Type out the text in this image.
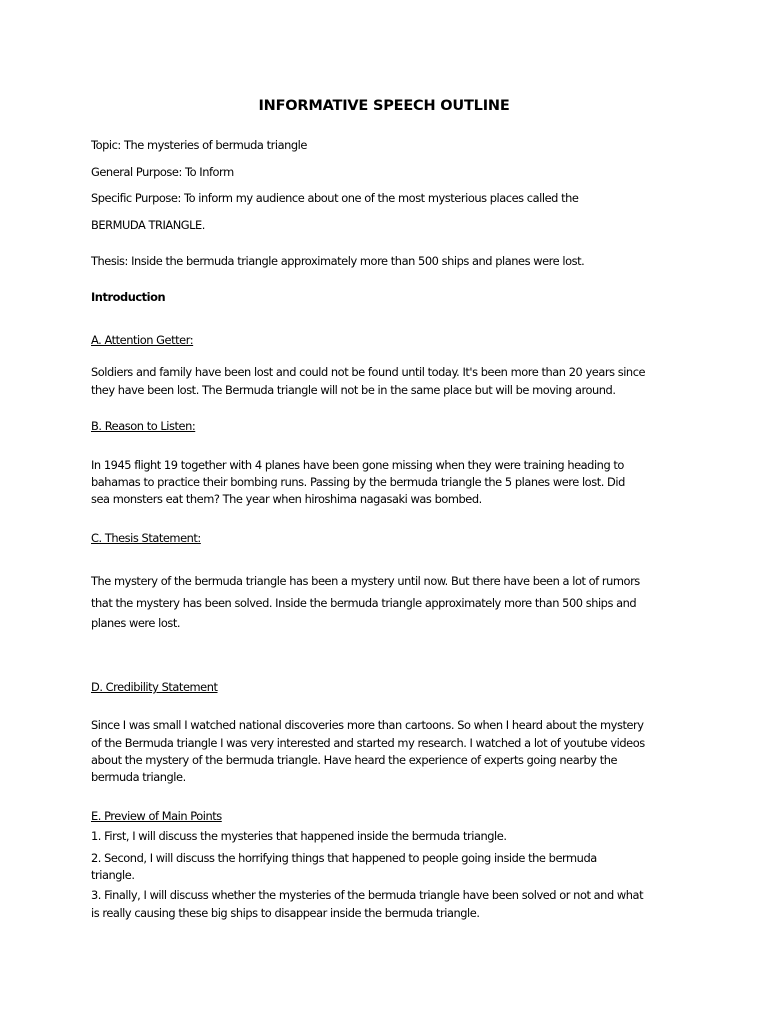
INFORMATIVE SPEECH OUTLINE
Topic: The mysteries of bermuda triangle
General Purpose: To Inform
Specific Purpose: To inform my audience about one of the most mysterious places called the
BERMUDA TRIANGLE.
Thesis: Inside the bermuda triangle approximately more than 500 ships and planes were lost.
Introduction
A. Attention Getter:
Soldiers and family have been lost and could not be found until today. It's been more than 20 years since
they have been lost. The Bermuda triangle will not be in the same place but will be moving around.
B. Reason to Listen:
In 1945 flight 19 together with 4 planes have been gone missing when they were training heading to
bahamas to practice their bombing runs. Passing by the bermuda triangle the 5 planes were lost. Did
sea monsters eat them? The year when hiroshima nagasaki was bombed.
C. Thesis Statement:
The mystery of the bermuda triangle has been a mystery until now. But there have been a lot of rumors
that the mystery has been solved. Inside the bermuda triangle approximately more than 500 ships and
planes were lost.
D. Credibility Statement
Since I was small I watched national discoveries more than cartoons. So when I heard about the mystery
of the Bermuda triangle I was very interested and started my research. I watched a lot of youtube videos
about the mystery of the bermuda triangle. Have heard the experience of experts going nearby the
bermuda triangle.
E. Preview of Main Points
1. First, I will discuss the mysteries that happened inside the bermuda triangle.
2. Second, I will discuss the horrifying things that happened to people going inside the bermuda
triangle.
3. Finally, I will discuss whether the mysteries of the bermuda triangle have been solved or not and what
is really causing these big ships to disappear inside the bermuda triangle.
